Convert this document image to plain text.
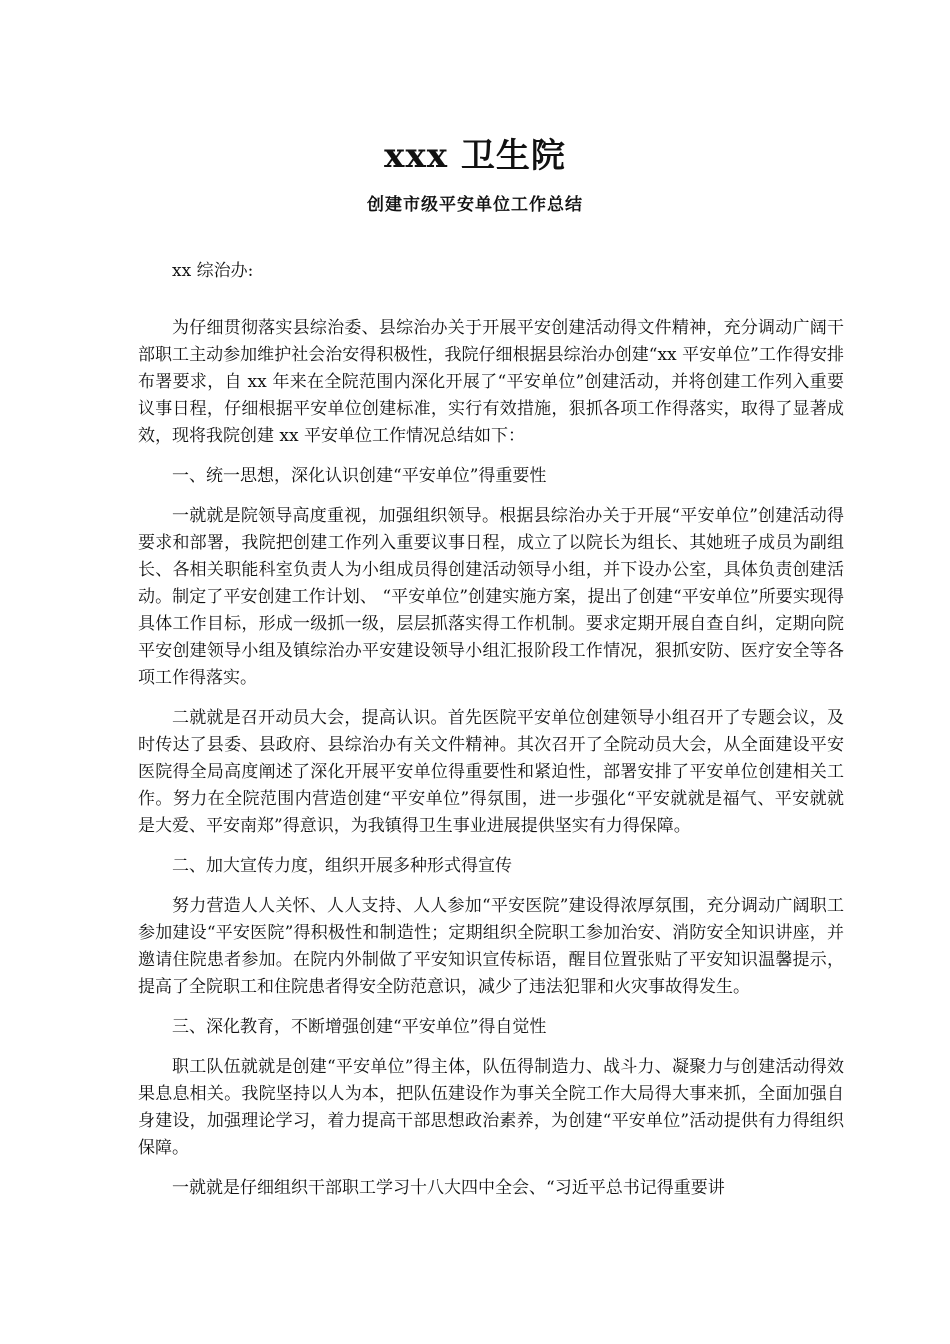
xxx 卫生院
创建市级平安单位工作总结
xx 综治办:

为仔细贯彻落实县综治委、县综治办关于开展平安创建活动得文件精神，充分调动广阔干部职工主动参加维护社会治安得积极性，我院仔细根据县综治办创建“xx 平安单位”工作得安排布署要求，自 xx 年来在全院范围内深化开展了“平安单位”创建活动，并将创建工作列入重要议事日程，仔细根据平安单位创建标准，实行有效措施，狠抓各项工作得落实，取得了显著成效，现将我院创建 xx 平安单位工作情况总结如下：

一、统一思想，深化认识创建“平安单位”得重要性

一就就是院领导高度重视，加强组织领导。根据县综治办关于开展“平安单位”创建活动得要求和部署，我院把创建工作列入重要议事日程，成立了以院长为组长、其她班子成员为副组长、各相关职能科室负责人为小组成员得创建活动领导小组，并下设办公室，具体负责创建活动。制定了平安创建工作计划、 “平安单位”创建实施方案，提出了创建“平安单位”所要实现得具体工作目标，形成一级抓一级，层层抓落实得工作机制。要求定期开展自查自纠，定期向院平安创建领导小组及镇综治办平安建设领导小组汇报阶段工作情况，狠抓安防、医疗安全等各项工作得落实。

二就就是召开动员大会，提高认识。首先医院平安单位创建领导小组召开了专题会议，及时传达了县委、县政府、县综治办有关文件精神。其次召开了全院动员大会，从全面建设平安医院得全局高度阐述了深化开展平安单位得重要性和紧迫性，部署安排了平安单位创建相关工作。努力在全院范围内营造创建“平安单位”得氛围，进一步强化“平安就就是福气、平安就就是大爱、平安南郑”得意识，为我镇得卫生事业进展提供坚实有力得保障。

二、加大宣传力度，组织开展多种形式得宣传

努力营造人人关怀、人人支持、人人参加“平安医院”建设得浓厚氛围，充分调动广阔职工参加建设“平安医院”得积极性和制造性；定期组织全院职工参加治安、消防安全知识讲座，并邀请住院患者参加。在院内外制做了平安知识宣传标语，醒目位置张贴了平安知识温馨提示，提高了全院职工和住院患者得安全防范意识，减少了违法犯罪和火灾事故得发生。

三、深化教育，不断增强创建“平安单位”得自觉性

职工队伍就就是创建“平安单位”得主体，队伍得制造力、战斗力、凝聚力与创建活动得效果息息相关。我院坚持以人为本，把队伍建设作为事关全院工作大局得大事来抓，全面加强自身建设，加强理论学习，着力提高干部思想政治素养，为创建“平安单位”活动提供有力得组织保障。

一就就是仔细组织干部职工学习十八大四中全会、“习近平总书记得重要讲
